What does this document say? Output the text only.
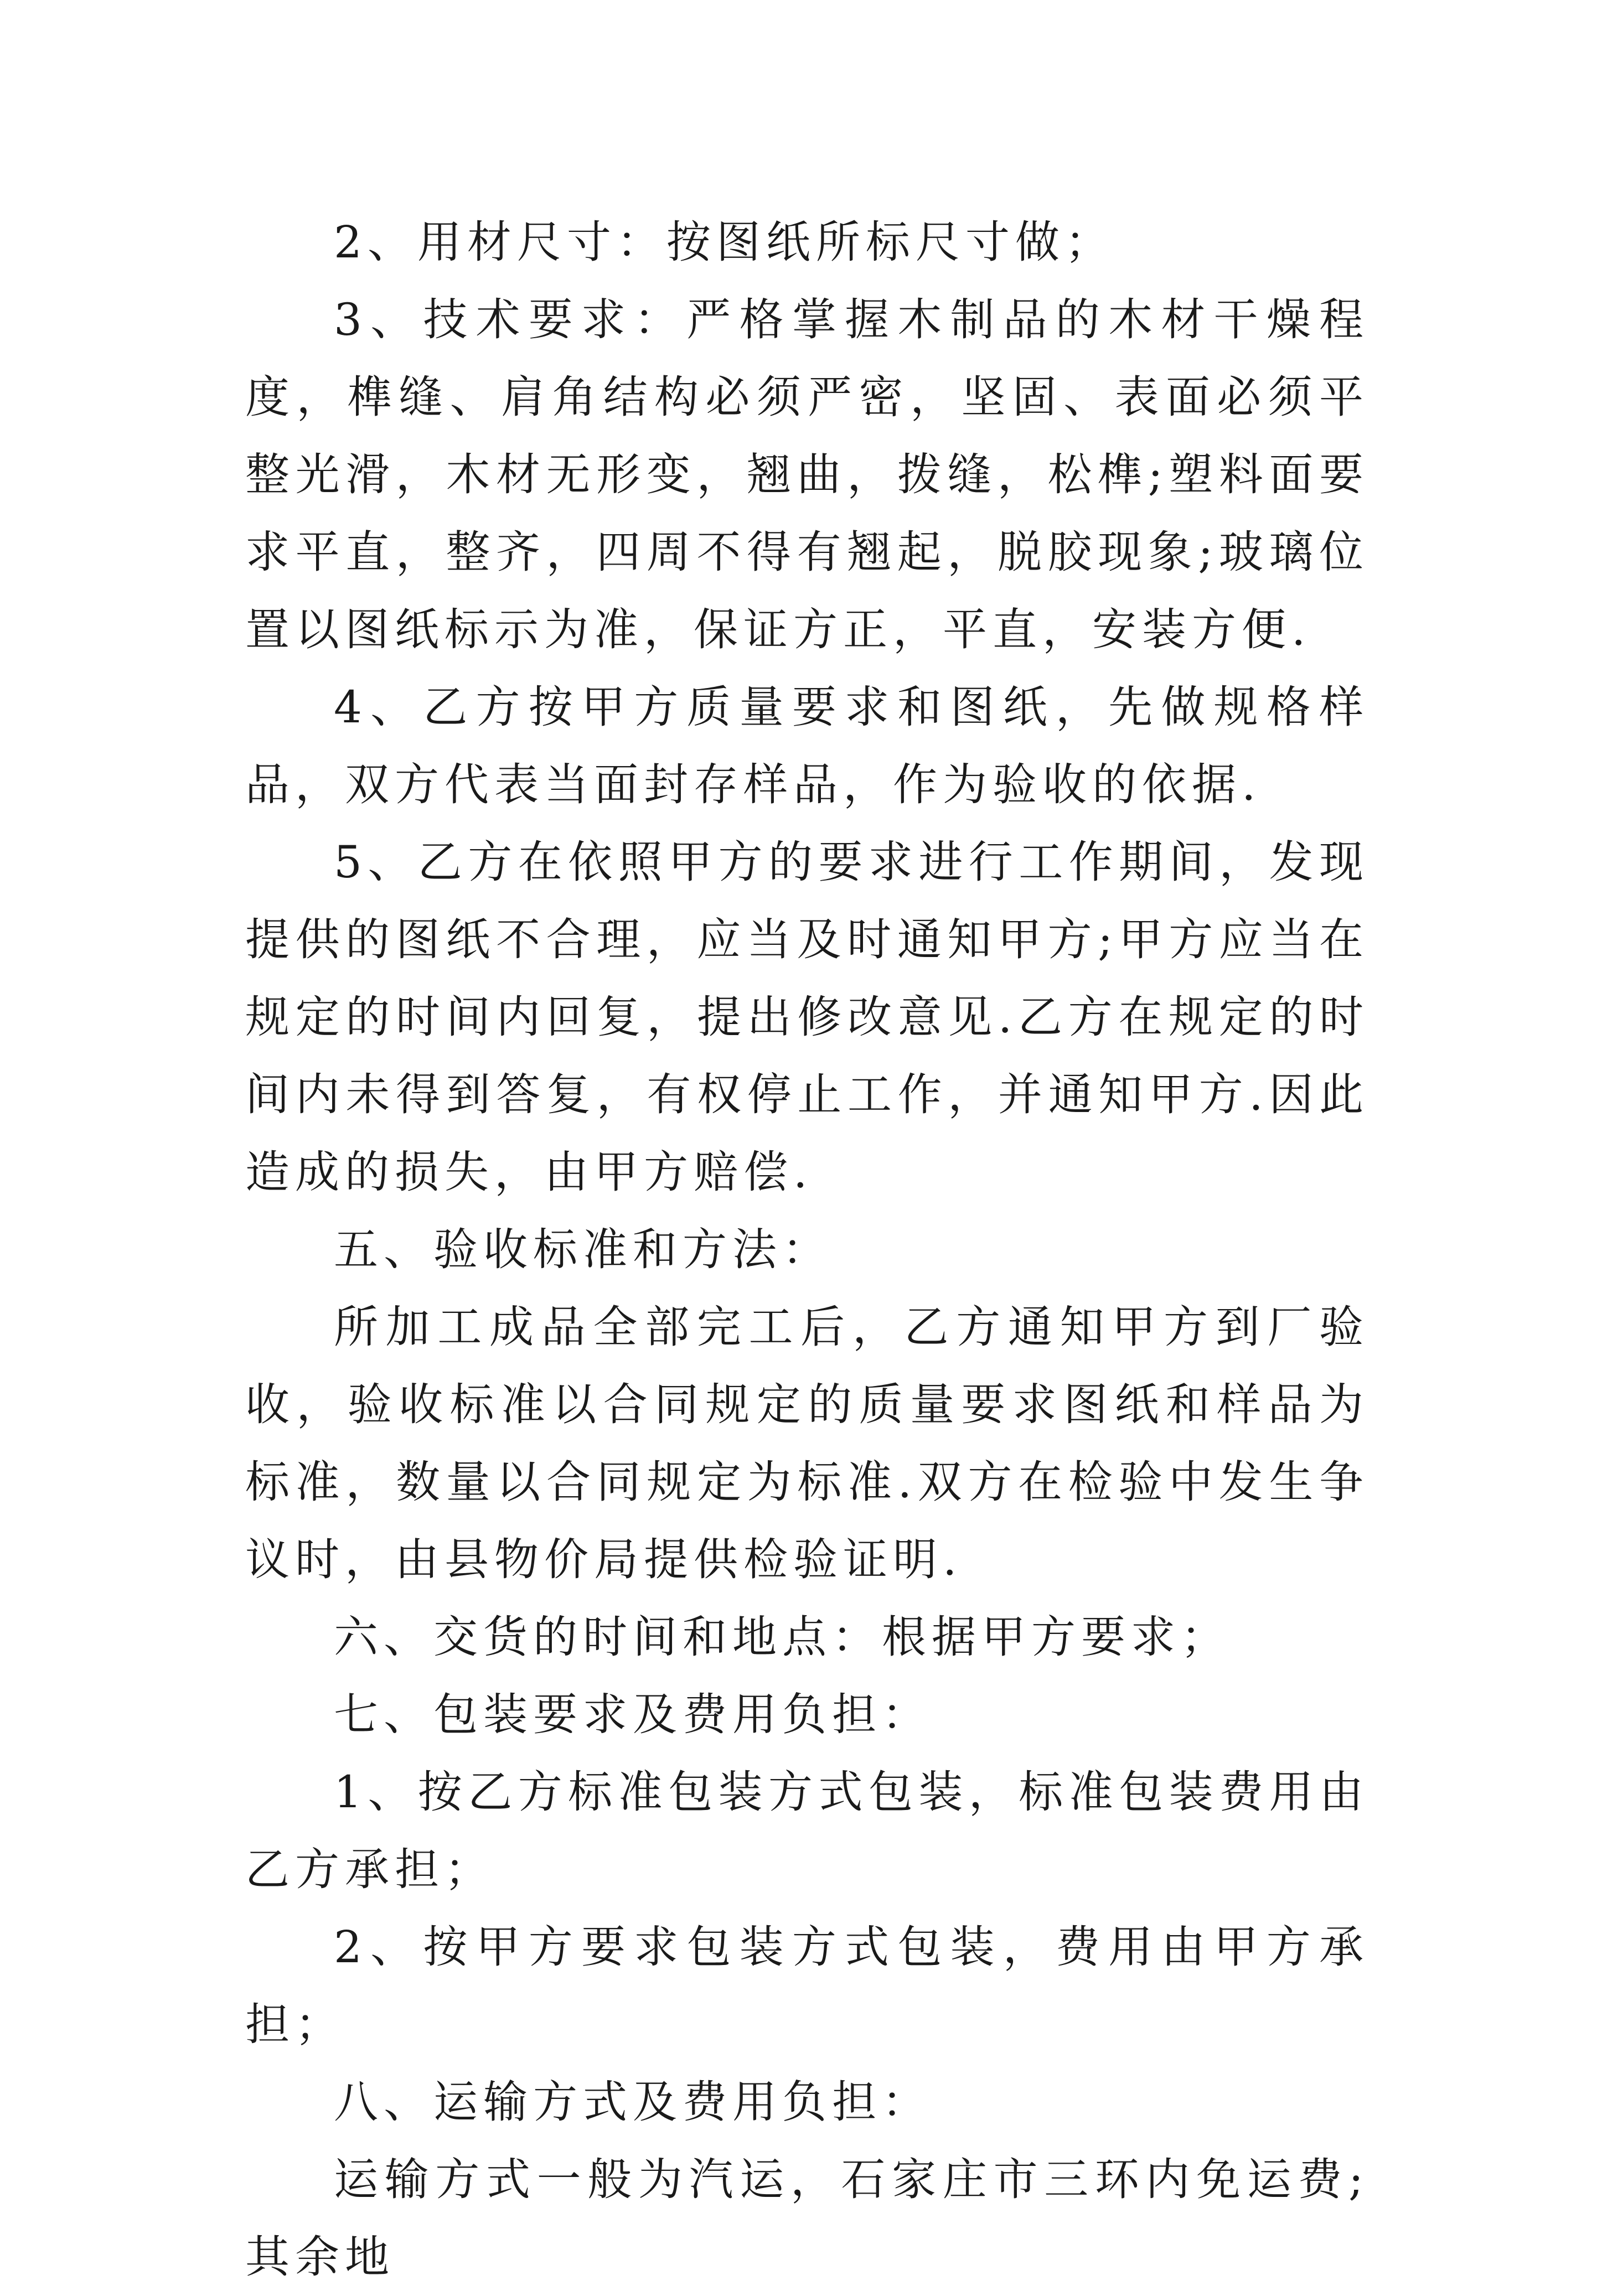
2、用材尺寸：按图纸所标尺寸做；

3、技术要求：严格掌握木制品的木材干燥程度，榫缝、肩角结构必须严密，坚固、表面必须平整光滑，木材无形变，翘曲，拨缝，松榫;塑料面要求平直，整齐，四周不得有翘起，脱胶现象;玻璃位置以图纸标示为准，保证方正，平直，安装方便.

4、乙方按甲方质量要求和图纸，先做规格样品，双方代表当面封存样品，作为验收的依据.

5、乙方在依照甲方的要求进行工作期间，发现提供的图纸不合理，应当及时通知甲方;甲方应当在规定的时间内回复，提出修改意见.乙方在规定的时间内未得到答复，有权停止工作，并通知甲方.因此造成的损失，由甲方赔偿.

五、验收标准和方法：

所加工成品全部完工后，乙方通知甲方到厂验收，验收标准以合同规定的质量要求图纸和样品为标准，数量以合同规定为标准.双方在检验中发生争议时，由县物价局提供检验证明.

六、交货的时间和地点：根据甲方要求；

七、包装要求及费用负担：

1、按乙方标准包装方式包装，标准包装费用由乙方承担；

2、按甲方要求包装方式包装，费用由甲方承担；

八、运输方式及费用负担：

运输方式一般为汽运，石家庄市三环内免运费;其余地
